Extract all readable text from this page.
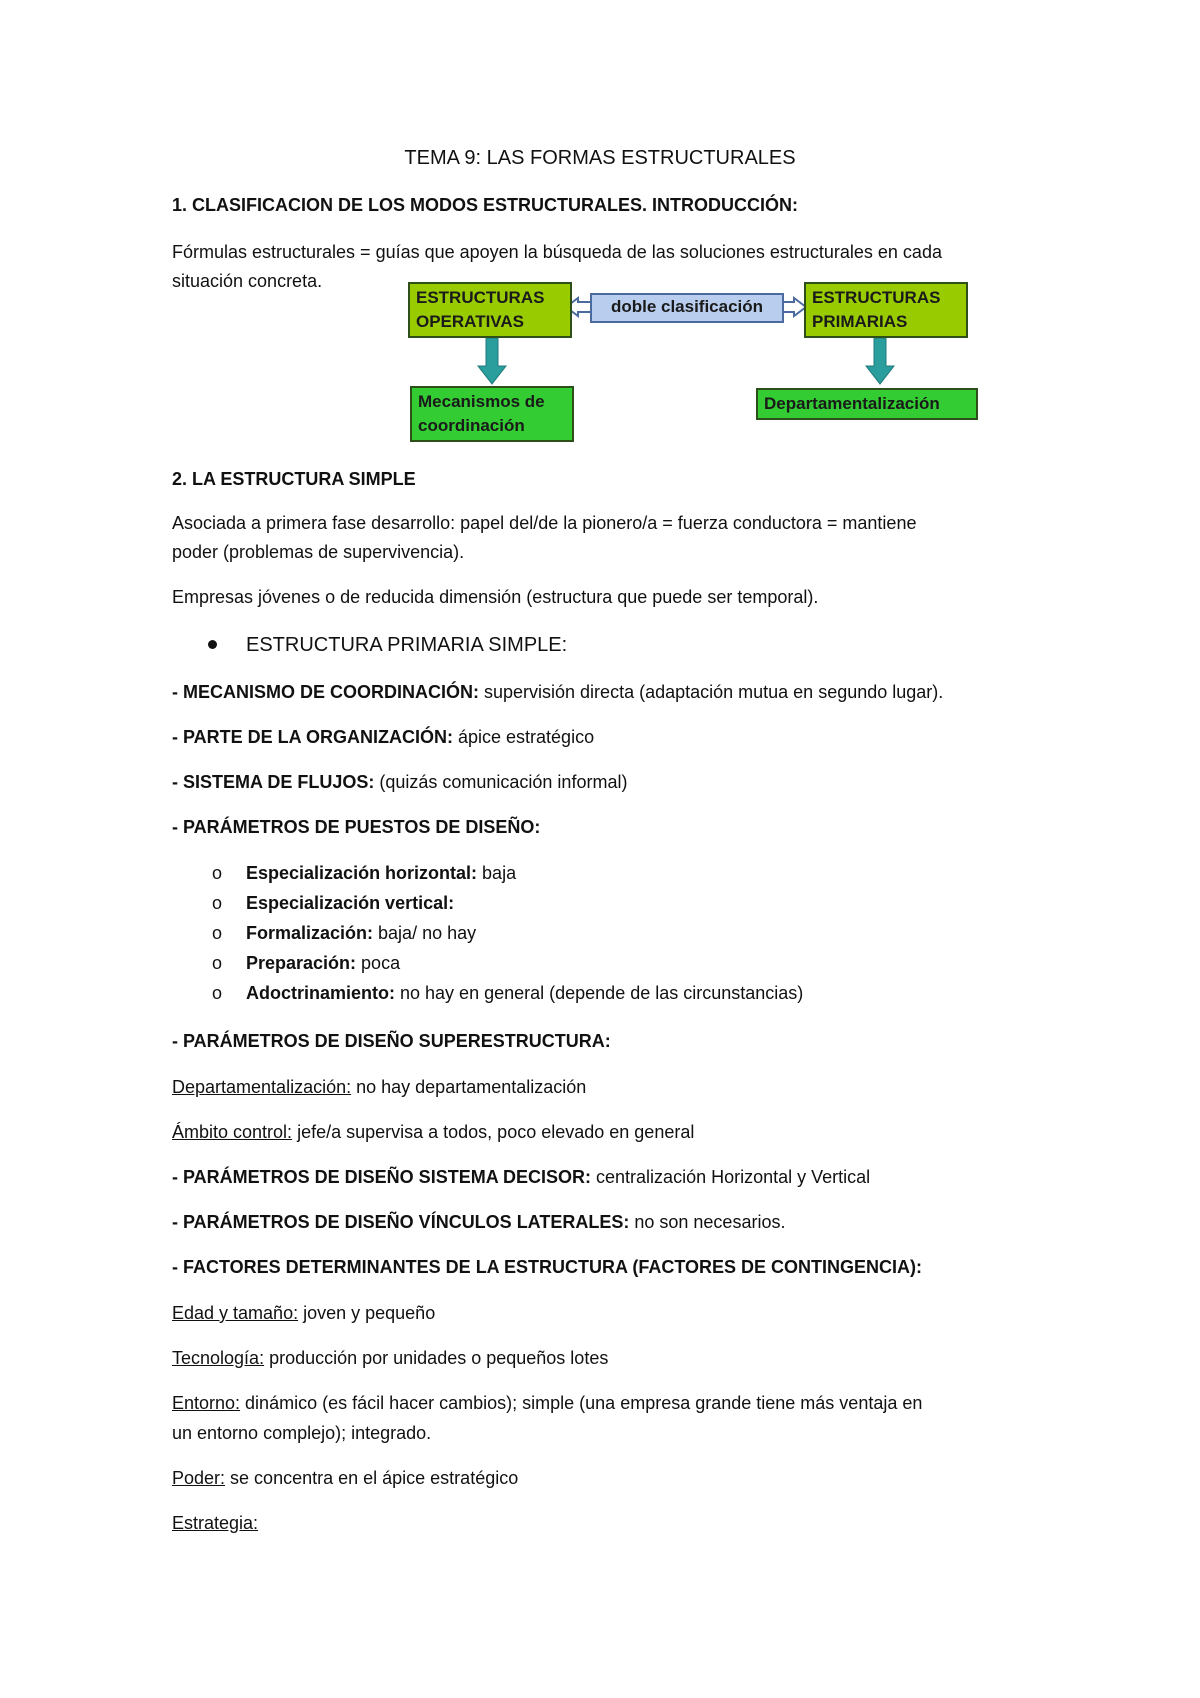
TEMA 9: LAS FORMAS ESTRUCTURALES
1. CLASIFICACION DE LOS MODOS ESTRUCTURALES. INTRODUCCIÓN:
Fórmulas estructurales = guías que apoyen la búsqueda de las soluciones estructurales en cada
situación concreta.
ESTRUCTURAS
OPERATIVAS
doble clasificación	ESTRUCTURAS
PRIMARIAS
Mecanismos de
coordinación
Departamentalización
2. LA ESTRUCTURA SIMPLE
Asociada a primera fase desarrollo: papel del/de la pionero/a = fuerza conductora = mantiene
poder (problemas de supervivencia).
Empresas jóvenes o de reducida dimensión (estructura que puede ser temporal).
ESTRUCTURA PRIMARIA SIMPLE:
- MECANISMO DE COORDINACIÓN: supervisión directa (adaptación mutua en segundo lugar).
- PARTE DE LA ORGANIZACIÓN: ápice estratégico
- SISTEMA DE FLUJOS: (quizás comunicación informal)
- PARÁMETROS DE PUESTOS DE DISEÑO:
o Especialización horizontal: baja
o Especialización vertical:
o Formalización: baja/ no hay
o Preparación: poca
o Adoctrinamiento: no hay en general (depende de las circunstancias)
- PARÁMETROS DE DISEÑO SUPERESTRUCTURA:
Departamentalización: no hay departamentalización
Ámbito control: jefe/a supervisa a todos, poco elevado en general
- PARÁMETROS DE DISEÑO SISTEMA DECISOR: centralización Horizontal y Vertical
- PARÁMETROS DE DISEÑO VÍNCULOS LATERALES: no son necesarios.
- FACTORES DETERMINANTES DE LA ESTRUCTURA (FACTORES DE CONTINGENCIA):
Edad y tamaño: joven y pequeño
Tecnología: producción por unidades o pequeños lotes
Entorno: dinámico (es fácil hacer cambios); simple (una empresa grande tiene más ventaja en
un entorno complejo); integrado.
Poder: se concentra en el ápice estratégico
Estrategia:
